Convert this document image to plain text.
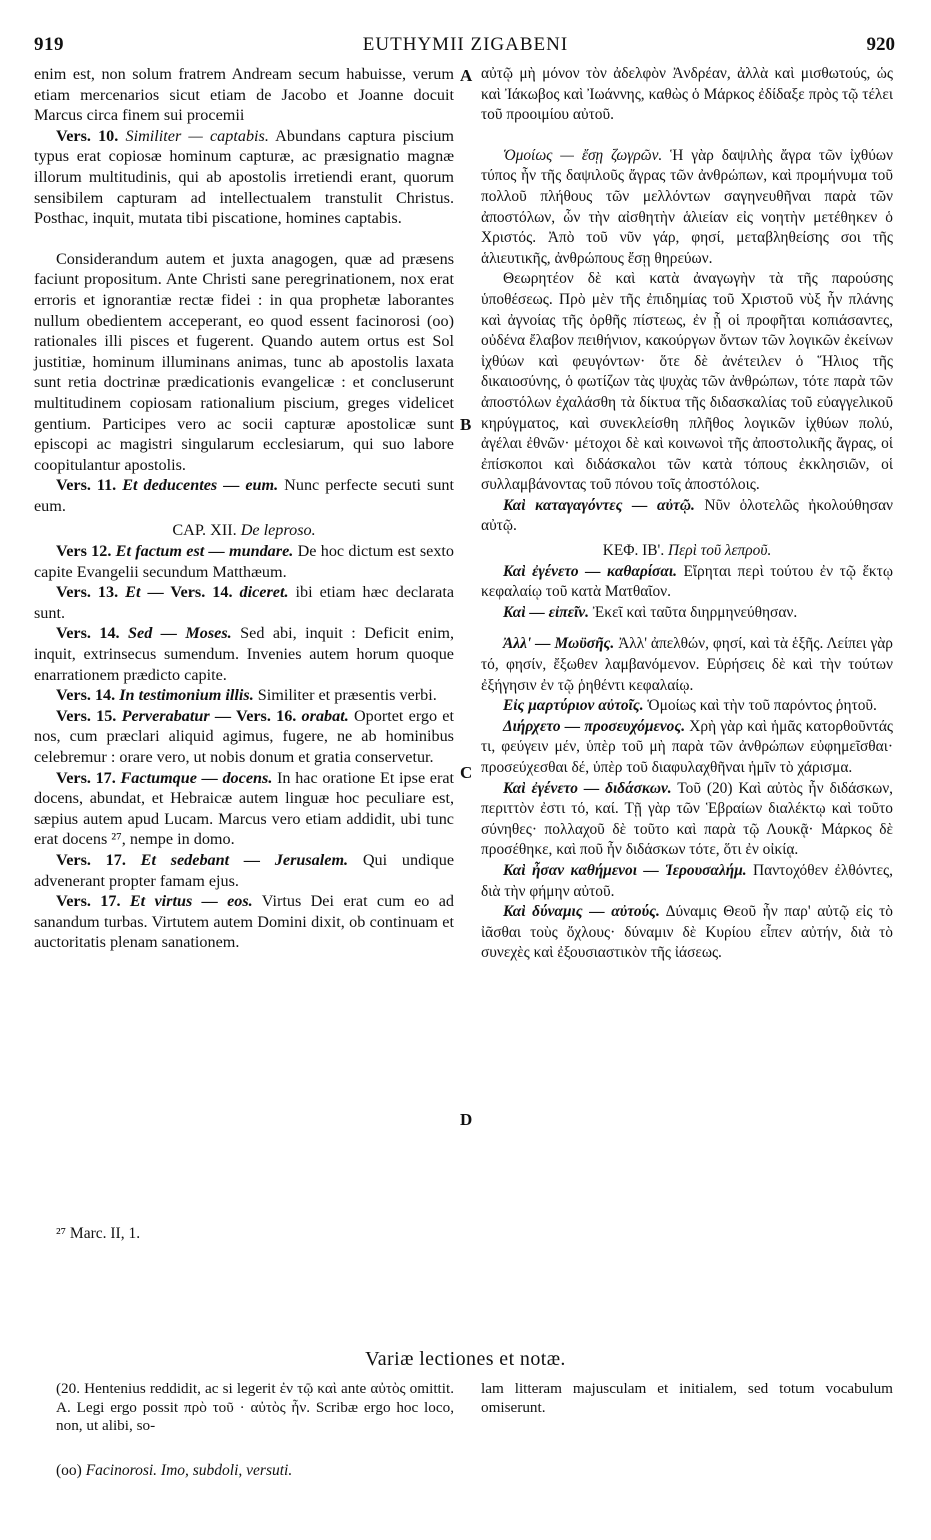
919	EUTHYMII ZIGABENI	920
A
B
C
D

enim est, non solum fratrem Andream secum habuisse, verum etiam mercenarios sicut etiam de Jacobo et Joanne docuit Marcus circa finem sui procemii

Vers. 10. Similiter — captabis. Abundans captura piscium typus erat copiosæ hominum capturæ, ac præsignatio magnæ illorum multitudinis, qui ab apostolis irretiendi erant, quorum sensibilem capturam ad intellectualem transtulit Christus. Posthac, inquit, mutata tibi piscatione, homines captabis.

Considerandum autem et juxta anagogen, quæ ad præsens faciunt propositum. Ante Christi sane peregrinationem, nox erat erroris et ignorantiæ rectæ fidei : in qua prophetæ laborantes nullum obedientem acceperant, eo quod essent facinorosi (oo) rationales illi pisces et fugerent. Quando autem ortus est Sol justitiæ, hominum illuminans animas, tunc ab apostolis laxata sunt retia doctrinæ prædicationis evangelicæ : et concluserunt multitudinem copiosam rationalium piscium, greges videlicet gentium. Participes vero ac socii capturæ apostolicæ sunt episcopi ac magistri singularum ecclesiarum, qui suo labore coopitulantur apostolis.

Vers. 11. Et deducentes — eum. Nunc perfecte secuti sunt eum.

CAP. XII. De leproso.

Vers 12. Et factum est — mundare. De hoc dictum est sexto capite Evangelii secundum Matthæum.

Vers. 13. Et — Vers. 14. diceret. ibi etiam hæc declarata sunt.

Vers. 14. Sed — Moses. Sed abi, inquit : Deficit enim, inquit, extrinsecus sumendum. Invenies autem horum quoque enarrationem prædicto capite.

Vers. 14. In testimonium illis. Similiter et præsentis verbi.

Vers. 15. Perverabatur — Vers. 16. orabat. Oportet ergo et nos, cum præclari aliquid agimus, fugere, ne ab hominibus celebremur : orare vero, ut nobis donum et gratia conservetur.

Vers. 17. Factumque — docens. In hac oratione Et ipse erat docens, abundat, et Hebraicæ autem linguæ hoc peculiare est, sæpius autem apud Lucam. Marcus vero etiam addidit, ubi tunc erat docens ²⁷, nempe in domo.

Vers. 17. Et sedebant — Jerusalem. Qui undique advenerant propter famam ejus.

Vers. 17. Et virtus — eos. Virtus Dei erat cum eo ad sanandum turbas. Virtutem autem Domini dixit, ob continuam et auctoritatis plenam sanationem.

αὐτῷ μὴ μόνον τὸν ἀδελφὸν Ἀνδρέαν, ἀλλὰ καὶ μισθωτούς, ὡς καὶ Ἰάκωβος καὶ Ἰωάννης, καθὼς ὁ Μάρκος ἐδίδαξε πρὸς τῷ τέλει τοῦ προοιμίου αὐτοῦ.

Ὁμοίως — ἔσῃ ζωγρῶν. Ἡ γὰρ δαψιλὴς ἄγρα τῶν ἰχθύων τύπος ἦν τῆς δαψιλοῦς ἄγρας τῶν ἀνθρώπων, καὶ προμήνυμα τοῦ πολλοῦ πλήθους τῶν μελλόντων σαγηνευθῆναι παρὰ τῶν ἀποστόλων, ὧν τὴν αἰσθητὴν ἁλιείαν εἰς νοητὴν μετέθηκεν ὁ Χριστός. Ἀπὸ τοῦ νῦν γάρ, φησί, μεταβληθείσης σοι τῆς ἁλιευτικῆς, ἀνθρώπους ἔσῃ θηρεύων.

Θεωρητέον δὲ καὶ κατὰ ἀναγωγὴν τὰ τῆς παρούσης ὑποθέσεως. Πρὸ μὲν τῆς ἐπιδημίας τοῦ Χριστοῦ νὺξ ἦν πλάνης καὶ ἀγνοίας τῆς ὀρθῆς πίστεως, ἐν ᾗ οἱ προφῆται κοπιάσαντες, οὐδένα ἔλαβον πειθήνιον, κακούργων ὄντων τῶν λογικῶν ἐκείνων ἰχθύων καὶ φευγόντων· ὅτε δὲ ἀνέτειλεν ὁ Ἥλιος τῆς δικαιοσύνης, ὁ φωτίζων τὰς ψυχὰς τῶν ἀνθρώπων, τότε παρὰ τῶν ἀποστόλων ἐχαλάσθη τὰ δίκτυα τῆς διδασκαλίας τοῦ εὐαγγελικοῦ κηρύγματος, καὶ συνεκλείσθη πλῆθος λογικῶν ἰχθύων πολύ, ἀγέλαι ἐθνῶν· μέτοχοι δὲ καὶ κοινωνοὶ τῆς ἀποστολικῆς ἄγρας, οἱ ἐπίσκοποι καὶ διδάσκαλοι τῶν κατὰ τόπους ἐκκλησιῶν, οἱ συλλαμβάνοντας τοῦ πόνου τοῖς ἀποστόλοις.

Καὶ καταγαγόντες — αὐτῷ. Νῦν ὁλοτελῶς ἠκολούθησαν αὐτῷ.

ΚΕΦ. ΙΒ'. Περὶ τοῦ λεπροῦ.

Καὶ ἐγένετο — καθαρίσαι. Εἴρηται περὶ τούτου ἐν τῷ ἕκτῳ κεφαλαίῳ τοῦ κατὰ Ματθαῖον.

Καὶ — εἰπεῖν. Ἐκεῖ καὶ ταῦτα διηρμηνεύθησαν.

Ἀλλ' — Μωϋσῆς. Ἀλλ' ἀπελθών, φησί, καὶ τὰ ἑξῆς. Λείπει γὰρ τό, φησίν, ἔξωθεν λαμβανόμενον. Εὑρήσεις δὲ καὶ τὴν τούτων ἐξήγησιν ἐν τῷ ῥηθέντι κεφαλαίῳ.

Εἰς μαρτύριον αὐτοῖς. Ὁμοίως καὶ τὴν τοῦ παρόντος ῥητοῦ.

Διήρχετο — προσευχόμενος. Χρὴ γὰρ καὶ ἡμᾶς κατορθοῦντάς τι, φεύγειν μέν, ὑπὲρ τοῦ μὴ παρὰ τῶν ἀνθρώπων εὐφημεῖσθαι· προσεύχεσθαι δέ, ὑπὲρ τοῦ διαφυλαχθῆναι ἡμῖν τὸ χάρισμα.

Καὶ ἐγένετο — διδάσκων. Τοῦ (20) Καὶ αὐτὸς ἦν διδάσκων, περιττὸν ἐστι τό, καί. Τῇ γὰρ τῶν Ἑβραίων διαλέκτῳ καὶ τοῦτο σύνηθες· πολλαχοῦ δὲ τοῦτο καὶ παρὰ τῷ Λουκᾷ· Μάρκος δὲ προσέθηκε, καὶ ποῦ ἦν διδάσκων τότε, ὅτι ἐν οἰκίᾳ.

Καὶ ἦσαν καθήμενοι — Ἱερουσαλήμ. Παντοχόθεν ἐλθόντες, διὰ τὴν φήμην αὐτοῦ.

Καὶ δύναμις — αὐτούς. Δύναμις Θεοῦ ἦν παρ' αὐτῷ εἰς τὸ ἰᾶσθαι τοὺς ὄχλους· δύναμιν δὲ Κυρίου εἶπεν αὐτήν, διὰ τὸ συνεχὲς καὶ ἐξουσιαστικὸν τῆς ἰάσεως.

²⁷ Marc. II, 1.
Variæ lectiones et notæ.

(20. Hentenius reddidit, ac si legerit ἐν τῷ καὶ ante αὐτὸς omittit. A. Legi ergo possit πρὸ τοῦ · αὐτὸς ἦν. Scribæ ergo hoc loco, non, ut alibi, so-

lam litteram majusculam et initialem, sed totum vocabulum omiserunt.

(oo) Facinorosi. Imo, subdoli, versuti.
